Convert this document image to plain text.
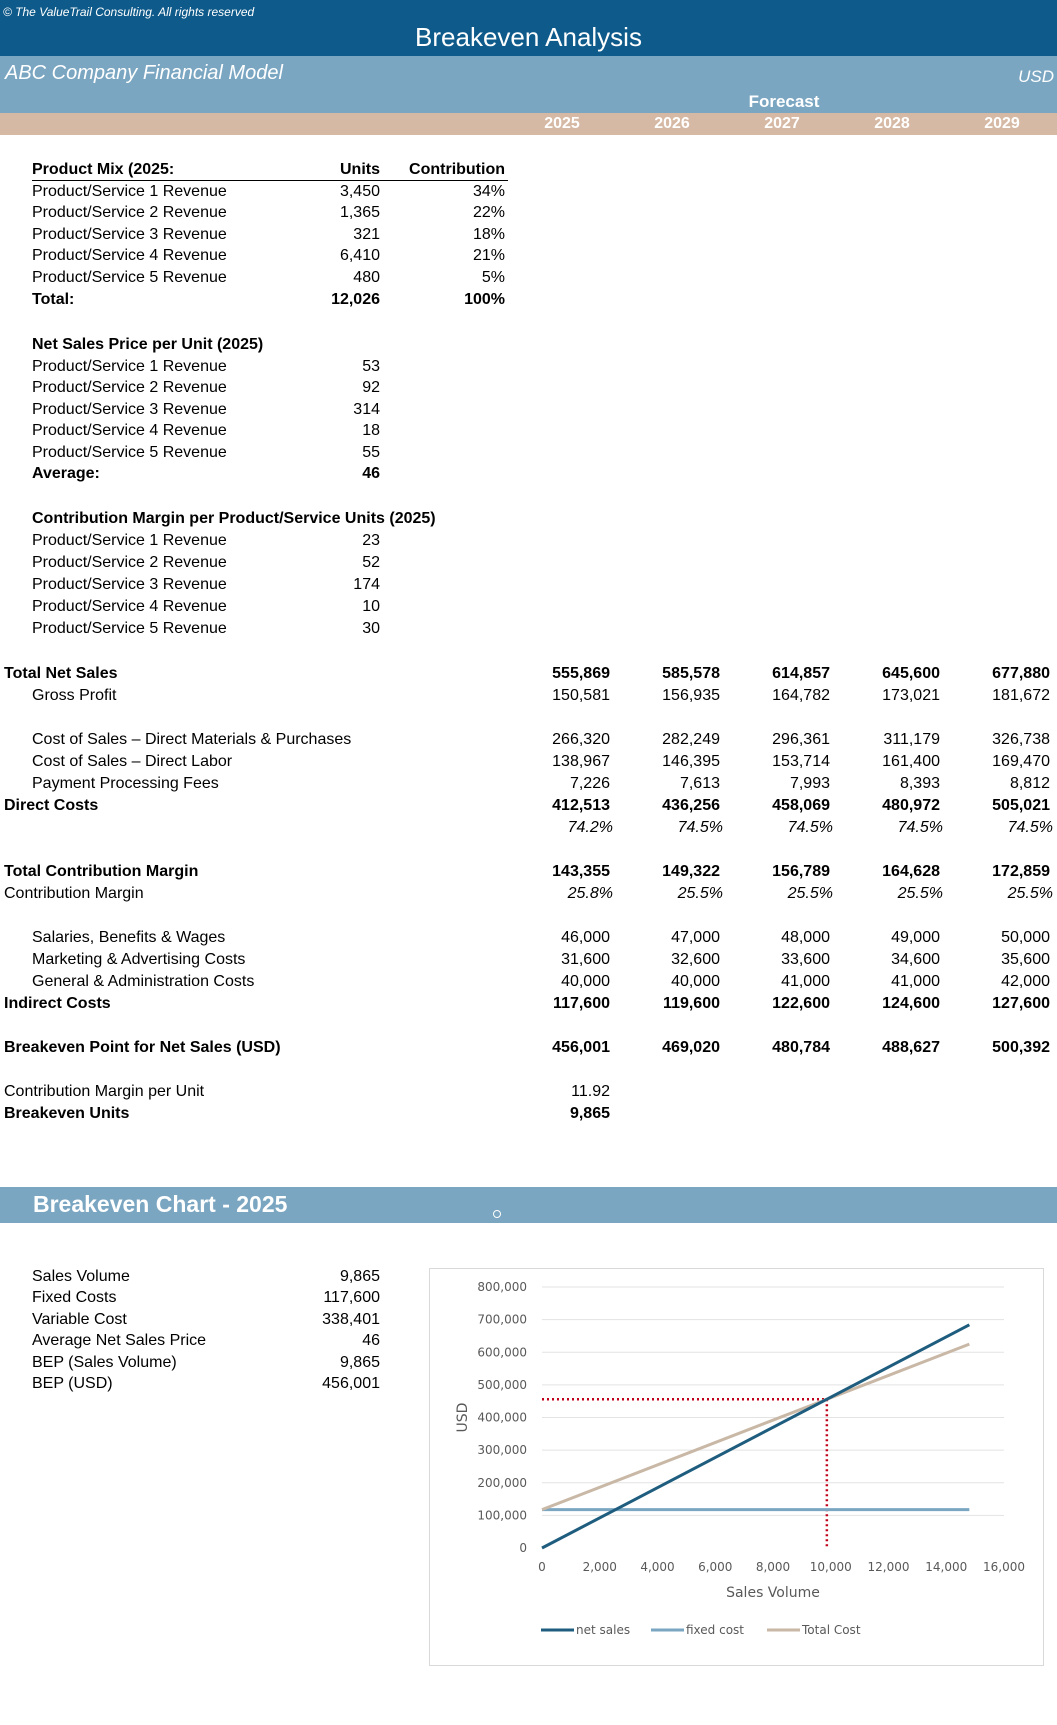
© The ValueTrail Consulting. All rights reserved
Breakeven Analysis
ABC Company Financial Model	USD
Forecast
2025	2026	2027	2028	2029
Product Mix (2025:	Units	Contribution
Product/Service 1 Revenue	3,450	34%
Product/Service 2 Revenue	1,365	22%
Product/Service 3 Revenue	321	18%
Product/Service 4 Revenue	6,410	21%
Product/Service 5 Revenue	480	5%
Total:	12,026	100%
Net Sales Price per Unit (2025)
Product/Service 1 Revenue	53
Product/Service 2 Revenue	92
Product/Service 3 Revenue	314
Product/Service 4 Revenue	18
Product/Service 5 Revenue	55
Average:	46
Contribution Margin per Product/Service Units (2025)
Product/Service 1 Revenue	23
Product/Service 2 Revenue	52
Product/Service 3 Revenue	174
Product/Service 4 Revenue	10
Product/Service 5 Revenue	30
Total Net Sales	555,869	585,578	614,857	645,600	677,880
Gross Profit	150,581	156,935	164,782	173,021	181,672
Cost of Sales – Direct Materials & Purchases	266,320	282,249	296,361	311,179	326,738
Cost of Sales – Direct Labor	138,967	146,395	153,714	161,400	169,470
Payment Processing Fees	7,226	7,613	7,993	8,393	8,812
Direct Costs	412,513	436,256	458,069	480,972	505,021
74.2%	74.5%	74.5%	74.5%	74.5%
Total Contribution Margin	143,355	149,322	156,789	164,628	172,859
Contribution Margin	25.8%	25.5%	25.5%	25.5%	25.5%
Salaries, Benefits & Wages	46,000	47,000	48,000	49,000	50,000
Marketing & Advertising Costs	31,600	32,600	33,600	34,600	35,600
General & Administration Costs	40,000	40,000	41,000	41,000	42,000
Indirect Costs	117,600	119,600	122,600	124,600	127,600
Breakeven Point for Net Sales (USD)	456,001	469,020	480,784	488,627	500,392
Contribution Margin per Unit	11.92
Breakeven Units	9,865
Breakeven Chart - 2025
Sales Volume	9,865
Fixed Costs	117,600
Variable Cost	338,401
Average Net Sales Price	46
BEP (Sales Volume)	9,865
BEP (USD)	456,001
0
100,000
200,000
300,000
400,000
500,000
600,000
700,000
800,000
0	2,000 4,000 6,000 8,000 10,000 12,000 14,000 16,000
Sales Volume
USD
net sales	fixed cost	Total Cost
